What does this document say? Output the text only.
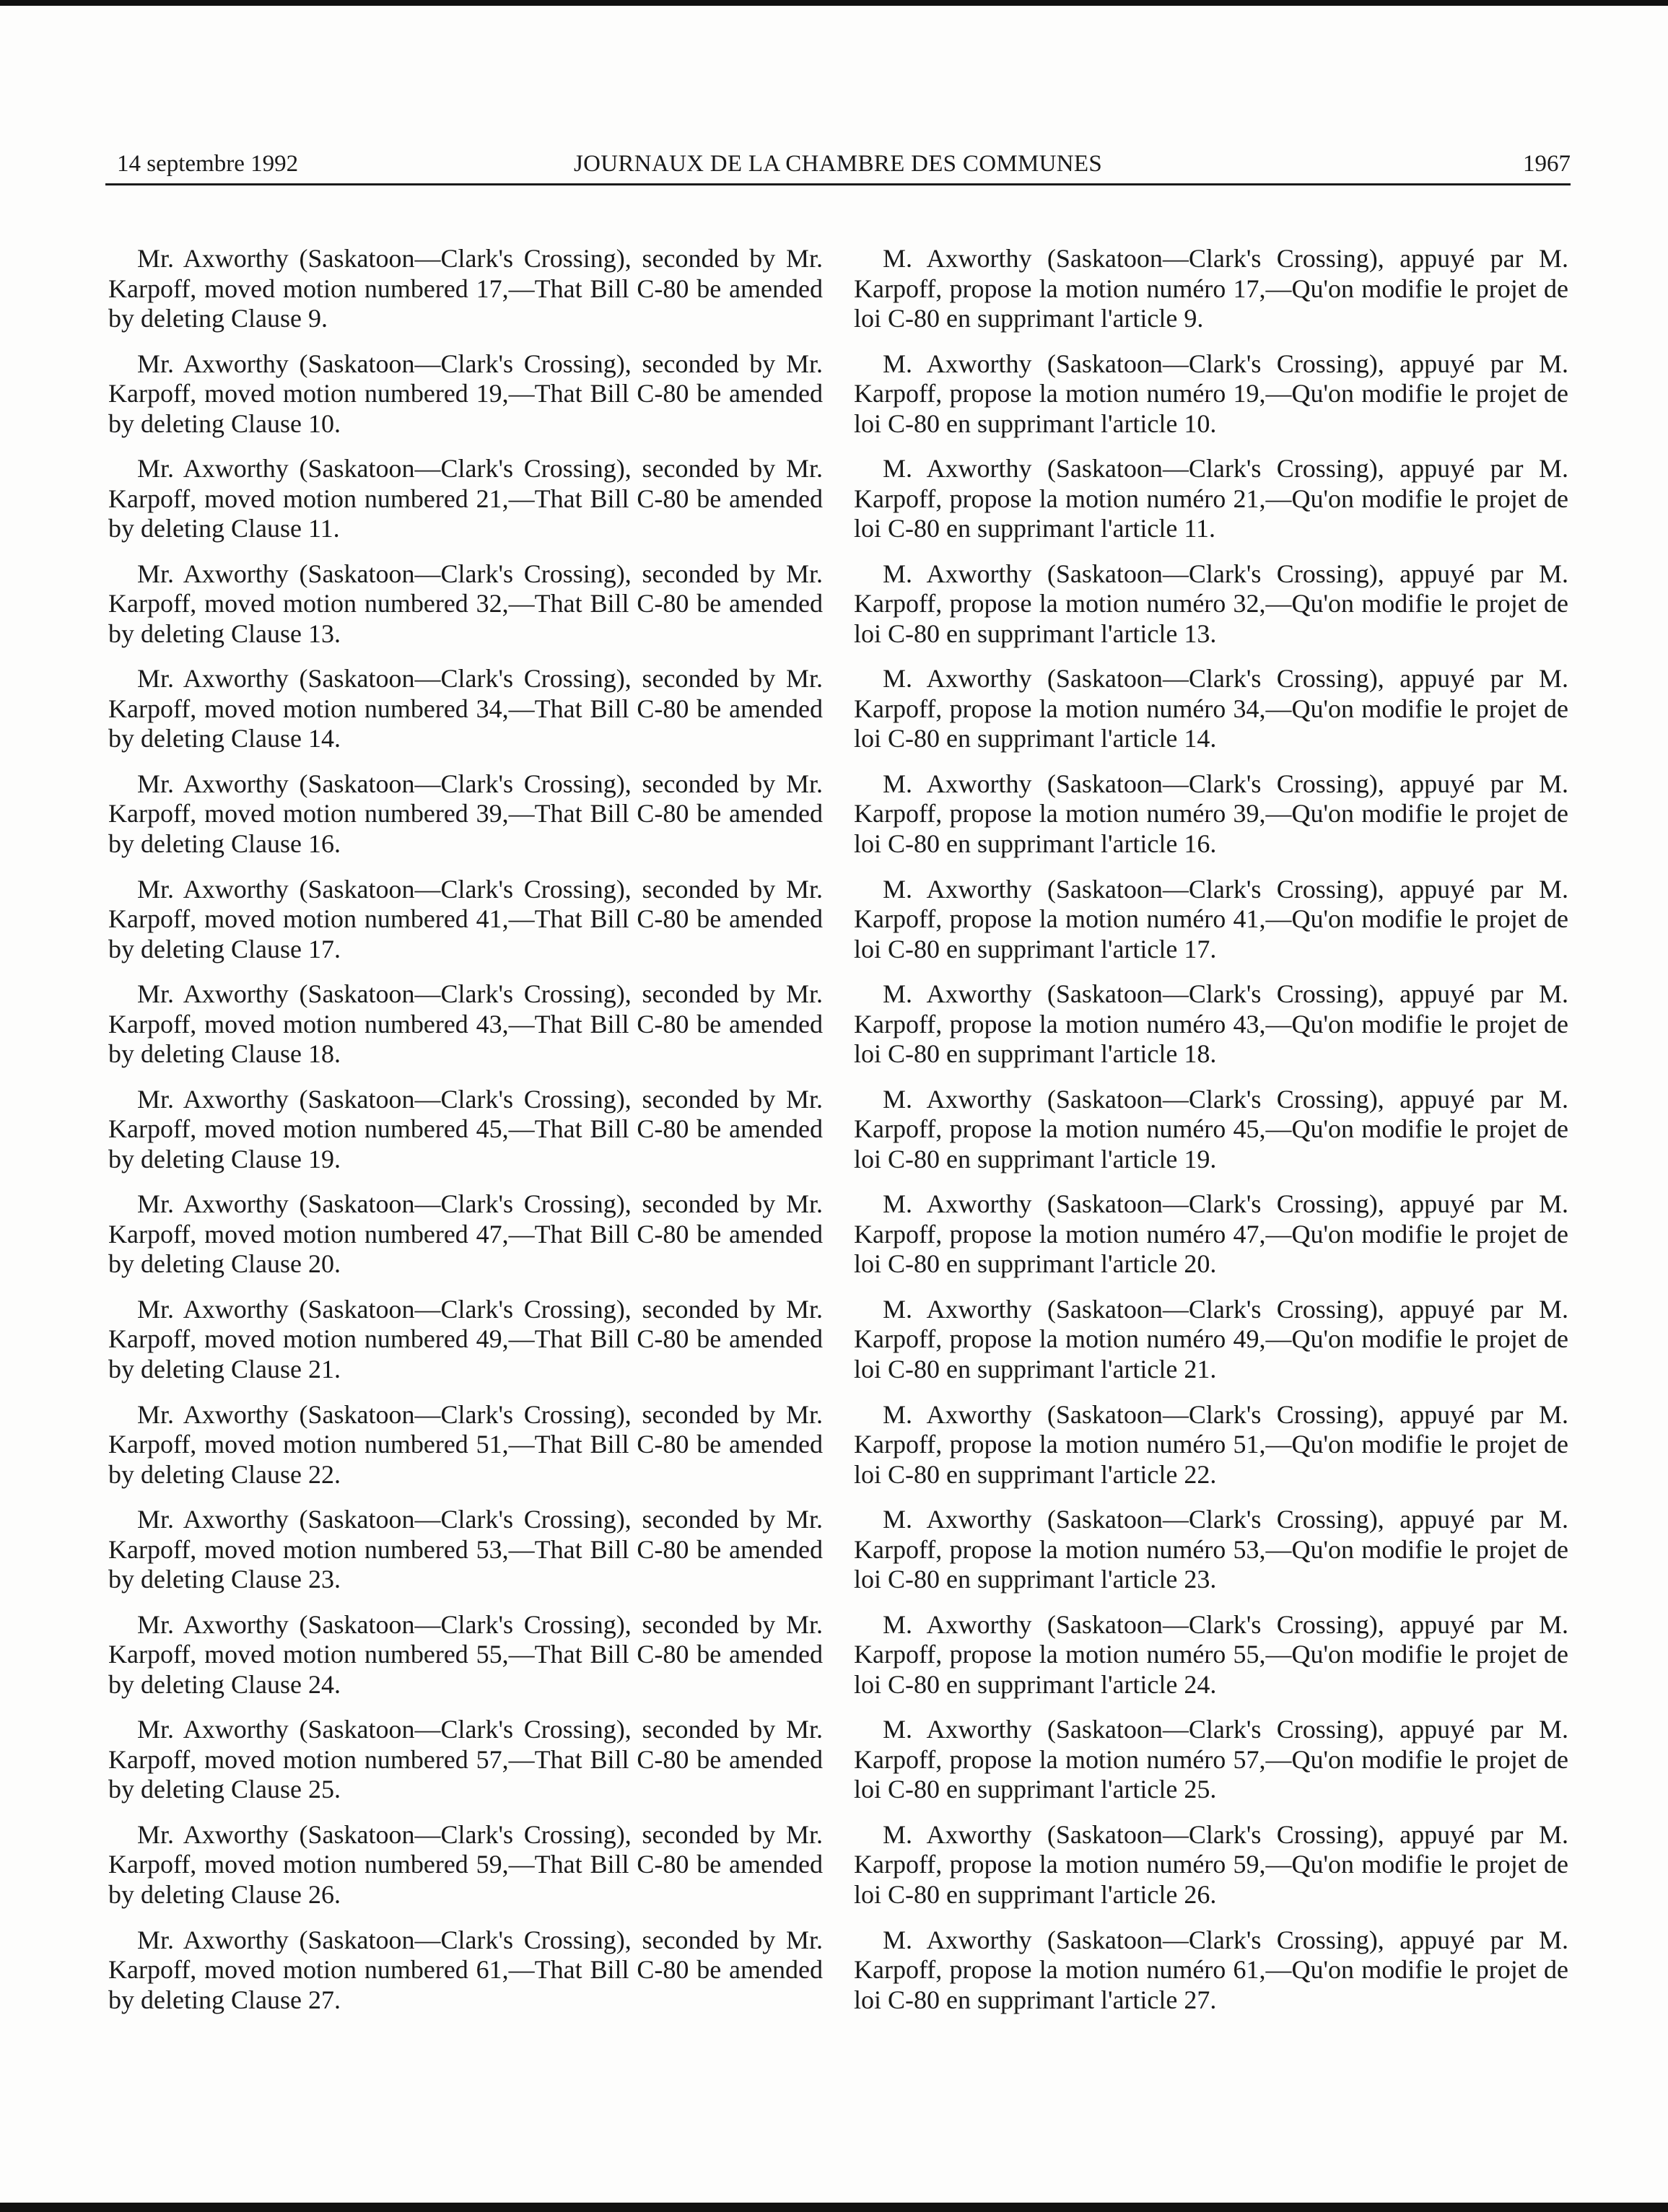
14 septembre 1992	JOURNAUX DE LA CHAMBRE DES COMMUNES	1967

Mr. Axworthy (Saskatoon—Clark's Crossing), seconded by Mr. Karpoff, moved motion numbered 17,—That Bill C-80 be amended by deleting Clause 9.

Mr. Axworthy (Saskatoon—Clark's Crossing), seconded by Mr. Karpoff, moved motion numbered 19,—That Bill C-80 be amended by deleting Clause 10.

Mr. Axworthy (Saskatoon—Clark's Crossing), seconded by Mr. Karpoff, moved motion numbered 21,—That Bill C-80 be amended by deleting Clause 11.

Mr. Axworthy (Saskatoon—Clark's Crossing), seconded by Mr. Karpoff, moved motion numbered 32,—That Bill C-80 be amended by deleting Clause 13.

Mr. Axworthy (Saskatoon—Clark's Crossing), seconded by Mr. Karpoff, moved motion numbered 34,—That Bill C-80 be amended by deleting Clause 14.

Mr. Axworthy (Saskatoon—Clark's Crossing), seconded by Mr. Karpoff, moved motion numbered 39,—That Bill C-80 be amended by deleting Clause 16.

Mr. Axworthy (Saskatoon—Clark's Crossing), seconded by Mr. Karpoff, moved motion numbered 41,—That Bill C-80 be amended by deleting Clause 17.

Mr. Axworthy (Saskatoon—Clark's Crossing), seconded by Mr. Karpoff, moved motion numbered 43,—That Bill C-80 be amended by deleting Clause 18.

Mr. Axworthy (Saskatoon—Clark's Crossing), seconded by Mr. Karpoff, moved motion numbered 45,—That Bill C-80 be amended by deleting Clause 19.

Mr. Axworthy (Saskatoon—Clark's Crossing), seconded by Mr. Karpoff, moved motion numbered 47,—That Bill C-80 be amended by deleting Clause 20.

Mr. Axworthy (Saskatoon—Clark's Crossing), seconded by Mr. Karpoff, moved motion numbered 49,—That Bill C-80 be amended by deleting Clause 21.

Mr. Axworthy (Saskatoon—Clark's Crossing), seconded by Mr. Karpoff, moved motion numbered 51,—That Bill C-80 be amended by deleting Clause 22.

Mr. Axworthy (Saskatoon—Clark's Crossing), seconded by Mr. Karpoff, moved motion numbered 53,—That Bill C-80 be amended by deleting Clause 23.

Mr. Axworthy (Saskatoon—Clark's Crossing), seconded by Mr. Karpoff, moved motion numbered 55,—That Bill C-80 be amended by deleting Clause 24.

Mr. Axworthy (Saskatoon—Clark's Crossing), seconded by Mr. Karpoff, moved motion numbered 57,—That Bill C-80 be amended by deleting Clause 25.

Mr. Axworthy (Saskatoon—Clark's Crossing), seconded by Mr. Karpoff, moved motion numbered 59,—That Bill C-80 be amended by deleting Clause 26.

Mr. Axworthy (Saskatoon—Clark's Crossing), seconded by Mr. Karpoff, moved motion numbered 61,—That Bill C-80 be amended by deleting Clause 27.

M. Axworthy (Saskatoon—Clark's Crossing), appuyé par M. Karpoff, propose la motion numéro 17,—Qu'on modifie le projet de loi C-80 en supprimant l'article 9.

M. Axworthy (Saskatoon—Clark's Crossing), appuyé par M. Karpoff, propose la motion numéro 19,—Qu'on modifie le projet de loi C-80 en supprimant l'article 10.

M. Axworthy (Saskatoon—Clark's Crossing), appuyé par M. Karpoff, propose la motion numéro 21,—Qu'on modifie le projet de loi C-80 en supprimant l'article 11.

M. Axworthy (Saskatoon—Clark's Crossing), appuyé par M. Karpoff, propose la motion numéro 32,—Qu'on modifie le projet de loi C-80 en supprimant l'article 13.

M. Axworthy (Saskatoon—Clark's Crossing), appuyé par M. Karpoff, propose la motion numéro 34,—Qu'on modifie le projet de loi C-80 en supprimant l'article 14.

M. Axworthy (Saskatoon—Clark's Crossing), appuyé par M. Karpoff, propose la motion numéro 39,—Qu'on modifie le projet de loi C-80 en supprimant l'article 16.

M. Axworthy (Saskatoon—Clark's Crossing), appuyé par M. Karpoff, propose la motion numéro 41,—Qu'on modifie le projet de loi C-80 en supprimant l'article 17.

M. Axworthy (Saskatoon—Clark's Crossing), appuyé par M. Karpoff, propose la motion numéro 43,—Qu'on modifie le projet de loi C-80 en supprimant l'article 18.

M. Axworthy (Saskatoon—Clark's Crossing), appuyé par M. Karpoff, propose la motion numéro 45,—Qu'on modifie le projet de loi C-80 en supprimant l'article 19.

M. Axworthy (Saskatoon—Clark's Crossing), appuyé par M. Karpoff, propose la motion numéro 47,—Qu'on modifie le projet de loi C-80 en supprimant l'article 20.

M. Axworthy (Saskatoon—Clark's Crossing), appuyé par M. Karpoff, propose la motion numéro 49,—Qu'on modifie le projet de loi C-80 en supprimant l'article 21.

M. Axworthy (Saskatoon—Clark's Crossing), appuyé par M. Karpoff, propose la motion numéro 51,—Qu'on modifie le projet de loi C-80 en supprimant l'article 22.

M. Axworthy (Saskatoon—Clark's Crossing), appuyé par M. Karpoff, propose la motion numéro 53,—Qu'on modifie le projet de loi C-80 en supprimant l'article 23.

M. Axworthy (Saskatoon—Clark's Crossing), appuyé par M. Karpoff, propose la motion numéro 55,—Qu'on modifie le projet de loi C-80 en supprimant l'article 24.

M. Axworthy (Saskatoon—Clark's Crossing), appuyé par M. Karpoff, propose la motion numéro 57,—Qu'on modifie le projet de loi C-80 en supprimant l'article 25.

M. Axworthy (Saskatoon—Clark's Crossing), appuyé par M. Karpoff, propose la motion numéro 59,—Qu'on modifie le projet de loi C-80 en supprimant l'article 26.

M. Axworthy (Saskatoon—Clark's Crossing), appuyé par M. Karpoff, propose la motion numéro 61,—Qu'on modifie le projet de loi C-80 en supprimant l'article 27.
